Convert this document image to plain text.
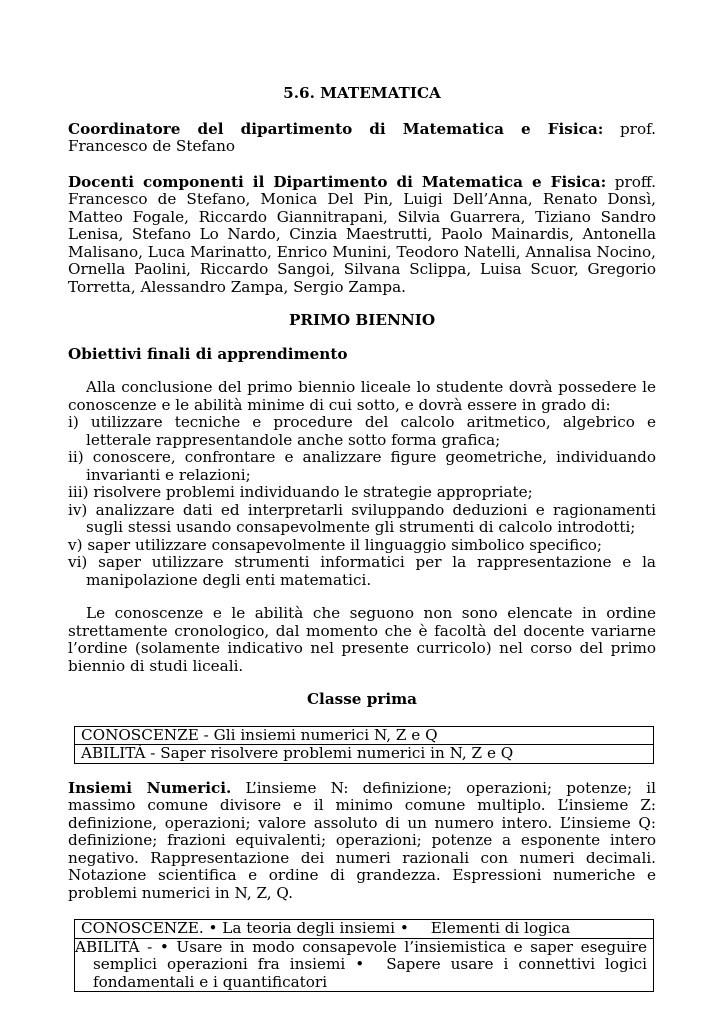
5.6. MATEMATICA

Coordinatore del dipartimento di Matematica e Fisica: prof. Francesco de Stefano

Docenti componenti il Dipartimento di Matematica e Fisica: proff. Francesco de Stefano, Monica Del Pin, Luigi Dell’Anna, Renato Donsì, Matteo Fogale, Riccardo Giannitrapani, Silvia Guarrera, Tiziano Sandro Lenisa, Stefano Lo Nardo, Cinzia Maestrutti, Paolo Mainardis, Antonella Malisano, Luca Marinatto, Enrico Munini, Teodoro Natelli, Annalisa Nocino, Ornella Paolini, Riccardo Sangoi, Silvana Sclippa, Luisa Scuor, Gregorio Torretta, Alessandro Zampa, Sergio Zampa.

PRIMO BIENNIO

Obiettivi finali di apprendimento

Alla conclusione del primo biennio liceale lo studente dovrà possedere le conoscenze e le abilità minime di cui sotto, e dovrà essere in grado di:

i) utilizzare tecniche e procedure del calcolo aritmetico, algebrico e letterale rappresentandole anche sotto forma grafica;
ii) conoscere, confrontare e analizzare figure geometriche, individuando invarianti e relazioni;
iii) risolvere problemi individuando le strategie appropriate;
iv) analizzare dati ed interpretarli sviluppando deduzioni e ragionamenti sugli stessi usando consapevolmente gli strumenti di calcolo introdotti;
v) saper utilizzare consapevolmente il linguaggio simbolico specifico;
vi) saper utilizzare strumenti informatici per la rappresentazione e la manipolazione degli enti matematici.

Le conoscenze e le abilità che seguono non sono elencate in ordine strettamente cronologico, dal momento che è facoltà del docente variarne l’ordine (solamente indicativo nel presente curricolo) nel corso del primo biennio di studi liceali.

Classe prima

CONOSCENZE - Gli insiemi numerici N, Z e Q
ABILITÀ - Saper risolvere problemi numerici in N, Z e Q

Insiemi Numerici. L’insieme N: definizione; operazioni; potenze; il massimo comune divisore e il minimo comune multiplo. L’insieme Z: definizione, operazioni; valore assoluto di un numero intero. L’insieme Q: definizione; frazioni equivalenti; operazioni; potenze a esponente intero negativo. Rappresentazione dei numeri razionali con numeri decimali. Notazione scientifica e ordine di grandezza. Espressioni numeriche e problemi numerici in N, Z, Q.

CONOSCENZE. • La teoria degli insiemi • Elementi di logica
ABILITÀ - • Usare in modo consapevole l’insiemistica e saper eseguire semplici operazioni fra insiemi • Sapere usare i connettivi logici fondamentali e i quantificatori
